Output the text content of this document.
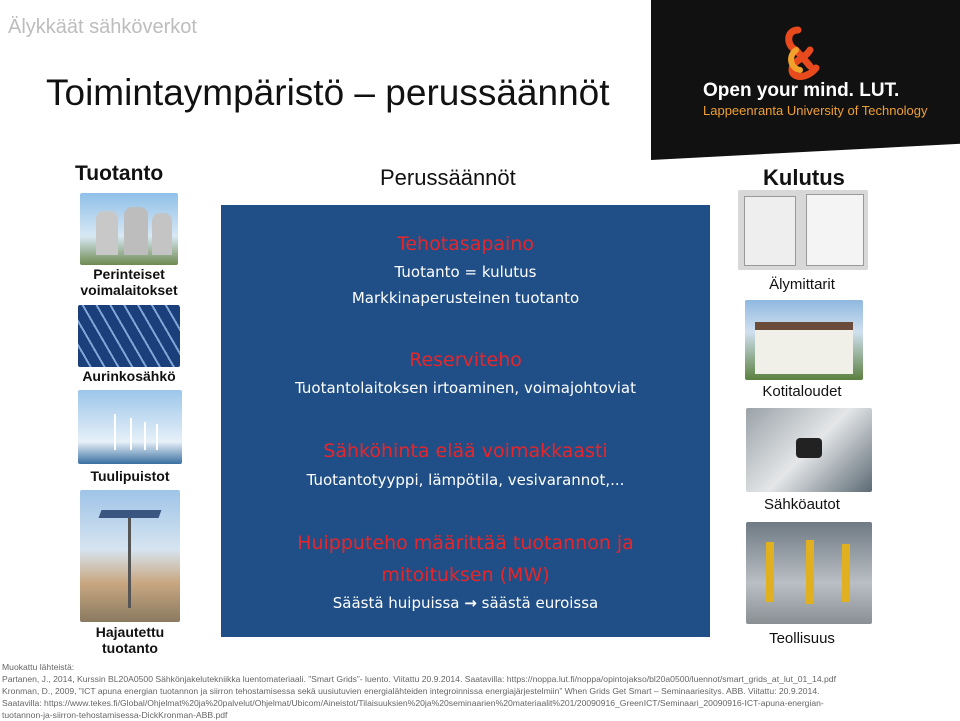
Älykkäät sähköverkot
Toimintaympäristö – perussäännöt	Open your mind. LUT.
Lappeenranta University of Technology
Tuotanto	Perussäännöt	Kulutus
Perinteiset voimalaitokset
Aurinkosähkö
Tuulipuistot
Hajautettu tuotanto
Tehotasapaino
Tuotanto = kulutus
Markkinaperusteinen tuotanto
Reserviteho
Tuotantolaitoksen irtoaminen, voimajohtoviat
Sähköhinta elää voimakkaasti
Tuotantotyyppi, lämpötila, vesivarannot,...
Huipputeho määrittää tuotannon ja
mitoituksen (MW)
Säästä huipuissa → säästä euroissa
Älymittarit
Kotitaloudet
Sähköautot
Teollisuus
Muokattu lähteistä:
Partanen, J., 2014, Kurssin BL20A0500 Sähkönjakelutekniikka luentomateriaali. ”Smart Grids”- luento. Viitattu 20.9.2014. Saatavilla: https://noppa.lut.fi/noppa/opintojakso/bl20a0500/luennot/smart_grids_at_lut_01_14.pdf
Kronman, D., 2009, ”ICT apuna energian tuotannon ja siirron tehostamisessa sekä uusiutuvien energialähteiden integroinnissa energiajärjestelmiin” When Grids Get Smart – Seminaariesitys. ABB. Viitattu: 20.9.2014.
Saatavilla: https://www.tekes.fi/Global/Ohjelmat%20ja%20palvelut/Ohjelmat/Ubicom/Aineistot/Tilaisuuksien%20ja%20seminaarien%20materiaalit%201/20090916_GreenICT/Seminaari_20090916-ICT-apuna-energian-
tuotannon-ja-siirron-tehostamisessa-DickKronman-ABB.pdf
